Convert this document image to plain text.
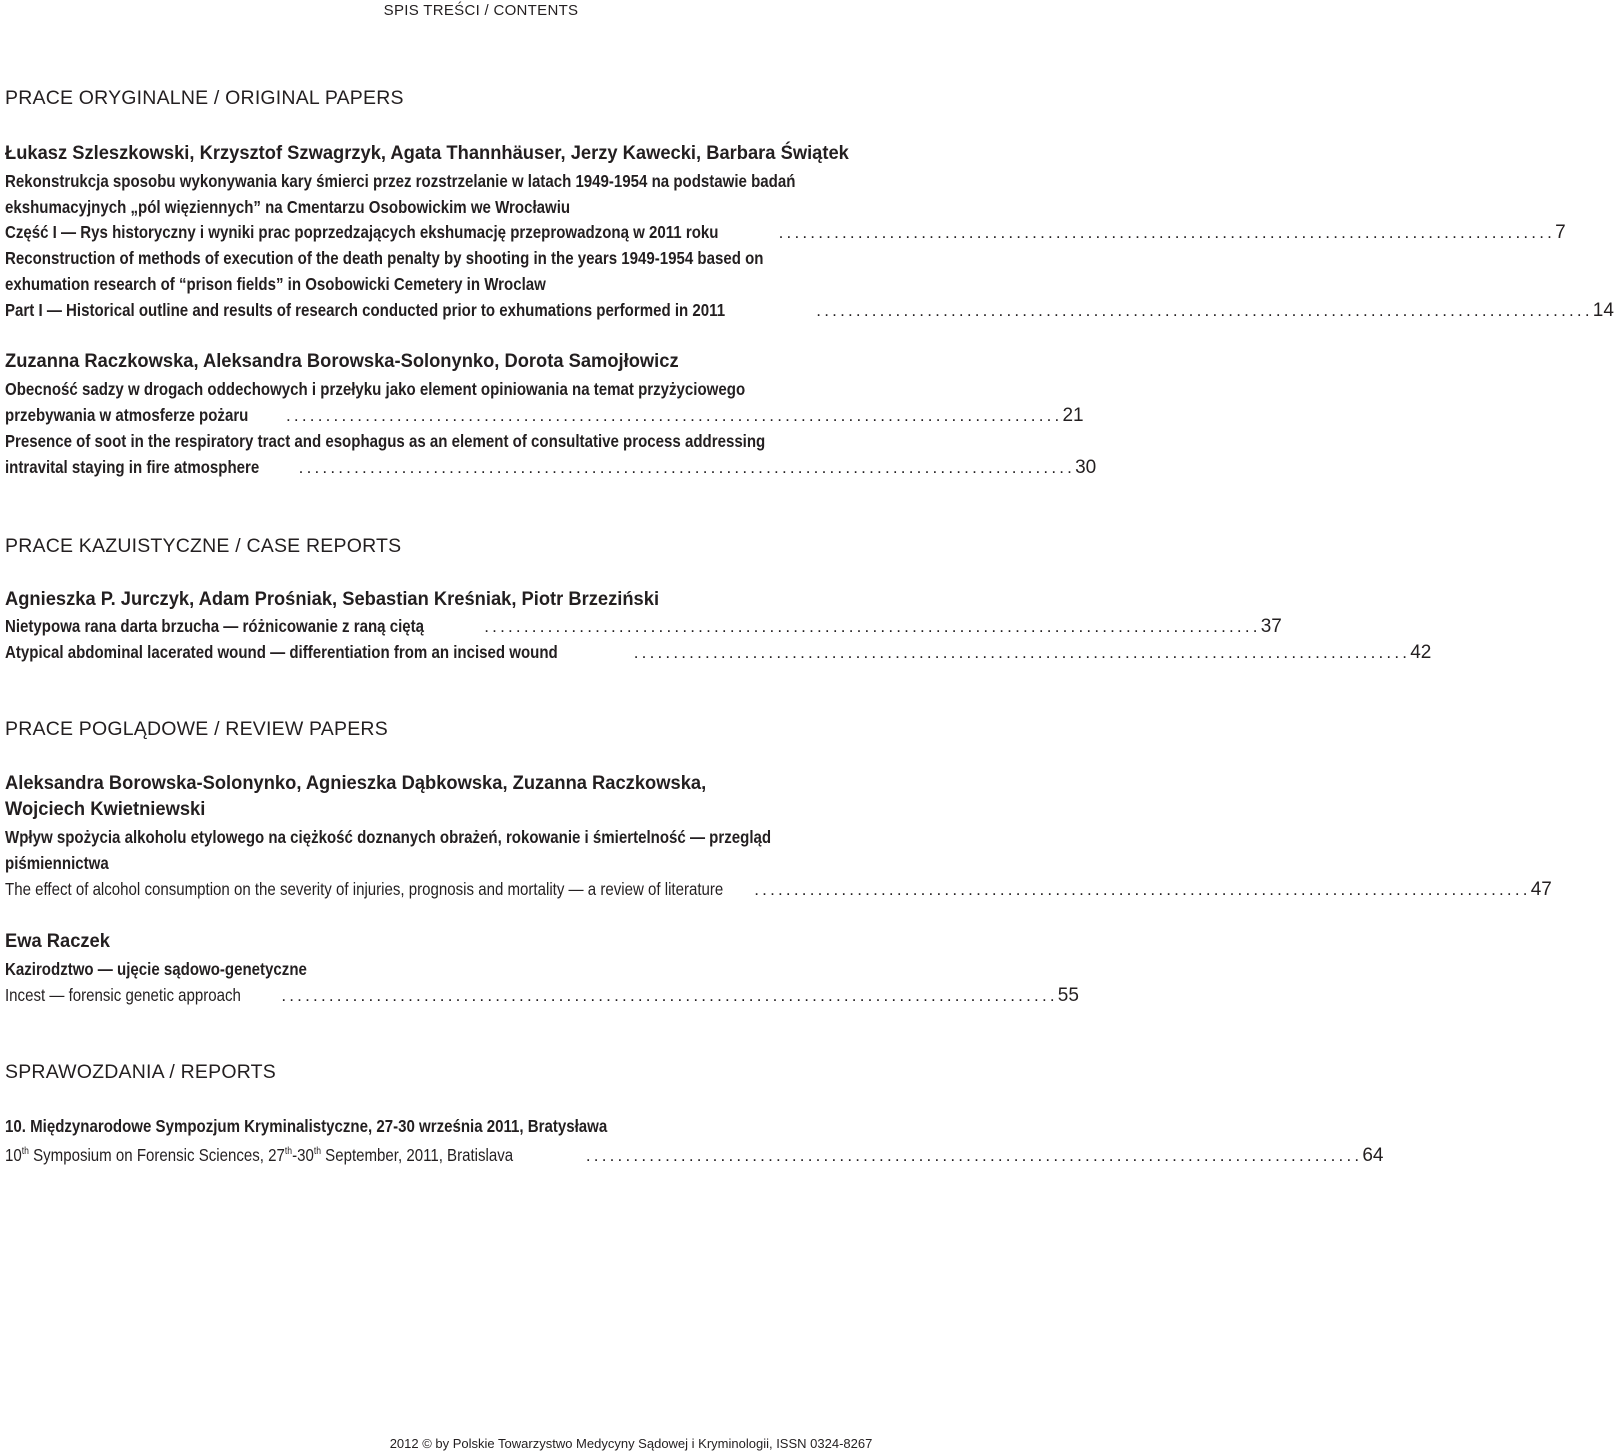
SPIS TREŚCI / CONTENTS
PRACE ORYGINALNE / ORIGINAL PAPERS
Łukasz Szleszkowski, Krzysztof Szwagrzyk, Agata Thannhäuser, Jerzy Kawecki, Barbara Świątek
Rekonstrukcja sposobu wykonywania kary śmierci przez rozstrzelanie w latach 1949-1954 na podstawie badań
ekshumacyjnych „pól więziennych” na Cmentarzu Osobowickim we Wrocławiu
Część I — Rys historyczny i wyniki prac poprzedzających ekshumację przeprowadzoną w 2011 roku	.................................................................................................. 7
Reconstruction of methods of execution of the death penalty by shooting in the years 1949-1954 based on
exhumation research of “prison fields” in Osobowicki Cemetery in Wroclaw
Part I — Historical outline and results of research conducted prior to exhumations performed in 2011	.................................................................................................. 14
Zuzanna Raczkowska, Aleksandra Borowska-Solonynko, Dorota Samojłowicz
Obecność sadzy w drogach oddechowych i przełyku jako element opiniowania na temat przyżyciowego
przebywania w atmosferze pożaru .................................................................................................. 21
Presence of soot in the respiratory tract and esophagus as an element of consultative process addressing
intravital staying in fire atmosphere .................................................................................................. 30
PRACE KAZUISTYCZNE / CASE REPORTS
Agnieszka P. Jurczyk, Adam Prośniak, Sebastian Kreśniak, Piotr Brzeziński
Nietypowa rana darta brzucha — różnicowanie z raną ciętą	.................................................................................................. 37
Atypical abdominal lacerated wound — differentiation from an incised wound	.................................................................................................. 42
PRACE POGLĄDOWE / REVIEW PAPERS
Aleksandra Borowska-Solonynko, Agnieszka Dąbkowska, Zuzanna Raczkowska,
Wojciech Kwietniewski
Wpływ spożycia alkoholu etylowego na ciężkość doznanych obrażeń, rokowanie i śmiertelność — przegląd
piśmiennictwa
The effect of alcohol consumption on the severity of injuries, prognosis and mortality — a review of literature .................................................................................................. 47
Ewa Raczek
Kazirodztwo — ujęcie sądowo-genetyczne
Incest — forensic genetic approach .................................................................................................. 55
SPRAWOZDANIA / REPORTS
10. Międzynarodowe Sympozjum Kryminalistyczne, 27-30 września 2011, Bratysława
10th Symposium on Forensic Sciences, 27th-30th September, 2011, Bratislava	.................................................................................................. 64
2012 © by Polskie Towarzystwo Medycyny Sądowej i Kryminologii, ISSN 0324-8267
